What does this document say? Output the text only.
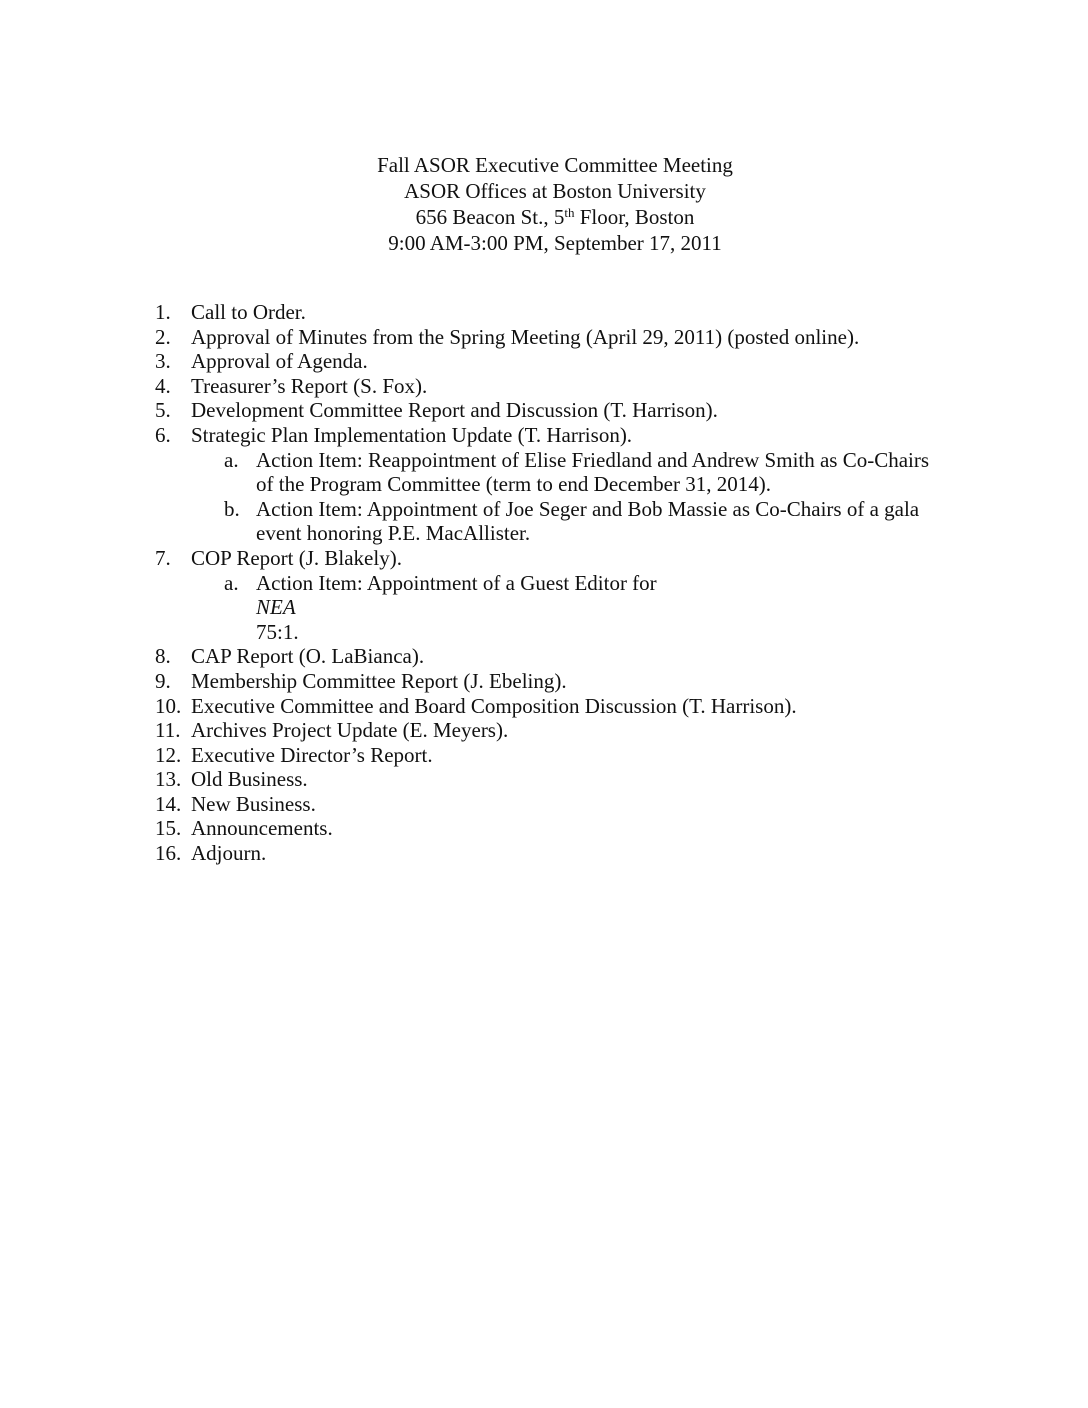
Fall ASOR Executive Committee Meeting
ASOR Offices at Boston University
656 Beacon St., 5th Floor, Boston
9:00 AM-3:00 PM, September 17, 2011
1. Call to Order.
2. Approval of Minutes from the Spring Meeting (April 29, 2011) (posted online).
3. Approval of Agenda.
4. Treasurer’s Report (S. Fox).
5. Development Committee Report and Discussion (T. Harrison).
6. Strategic Plan Implementation Update (T. Harrison).
a. Action Item: Reappointment of Elise Friedland and Andrew Smith as Co-Chairs
of the Program Committee (term to end December 31, 2014).
b. Action Item: Appointment of Joe Seger and Bob Massie as Co-Chairs of a gala
event honoring P.E. MacAllister.
7. COP Report (J. Blakely).
a. Action Item: Appointment of a Guest Editor for
NEA
75:1.
8. CAP Report (O. LaBianca).
9. Membership Committee Report (J. Ebeling).
10. Executive Committee and Board Composition Discussion (T. Harrison).
11. Archives Project Update (E. Meyers).
12. Executive Director’s Report.
13. Old Business.
14. New Business.
15. Announcements.
16. Adjourn.
